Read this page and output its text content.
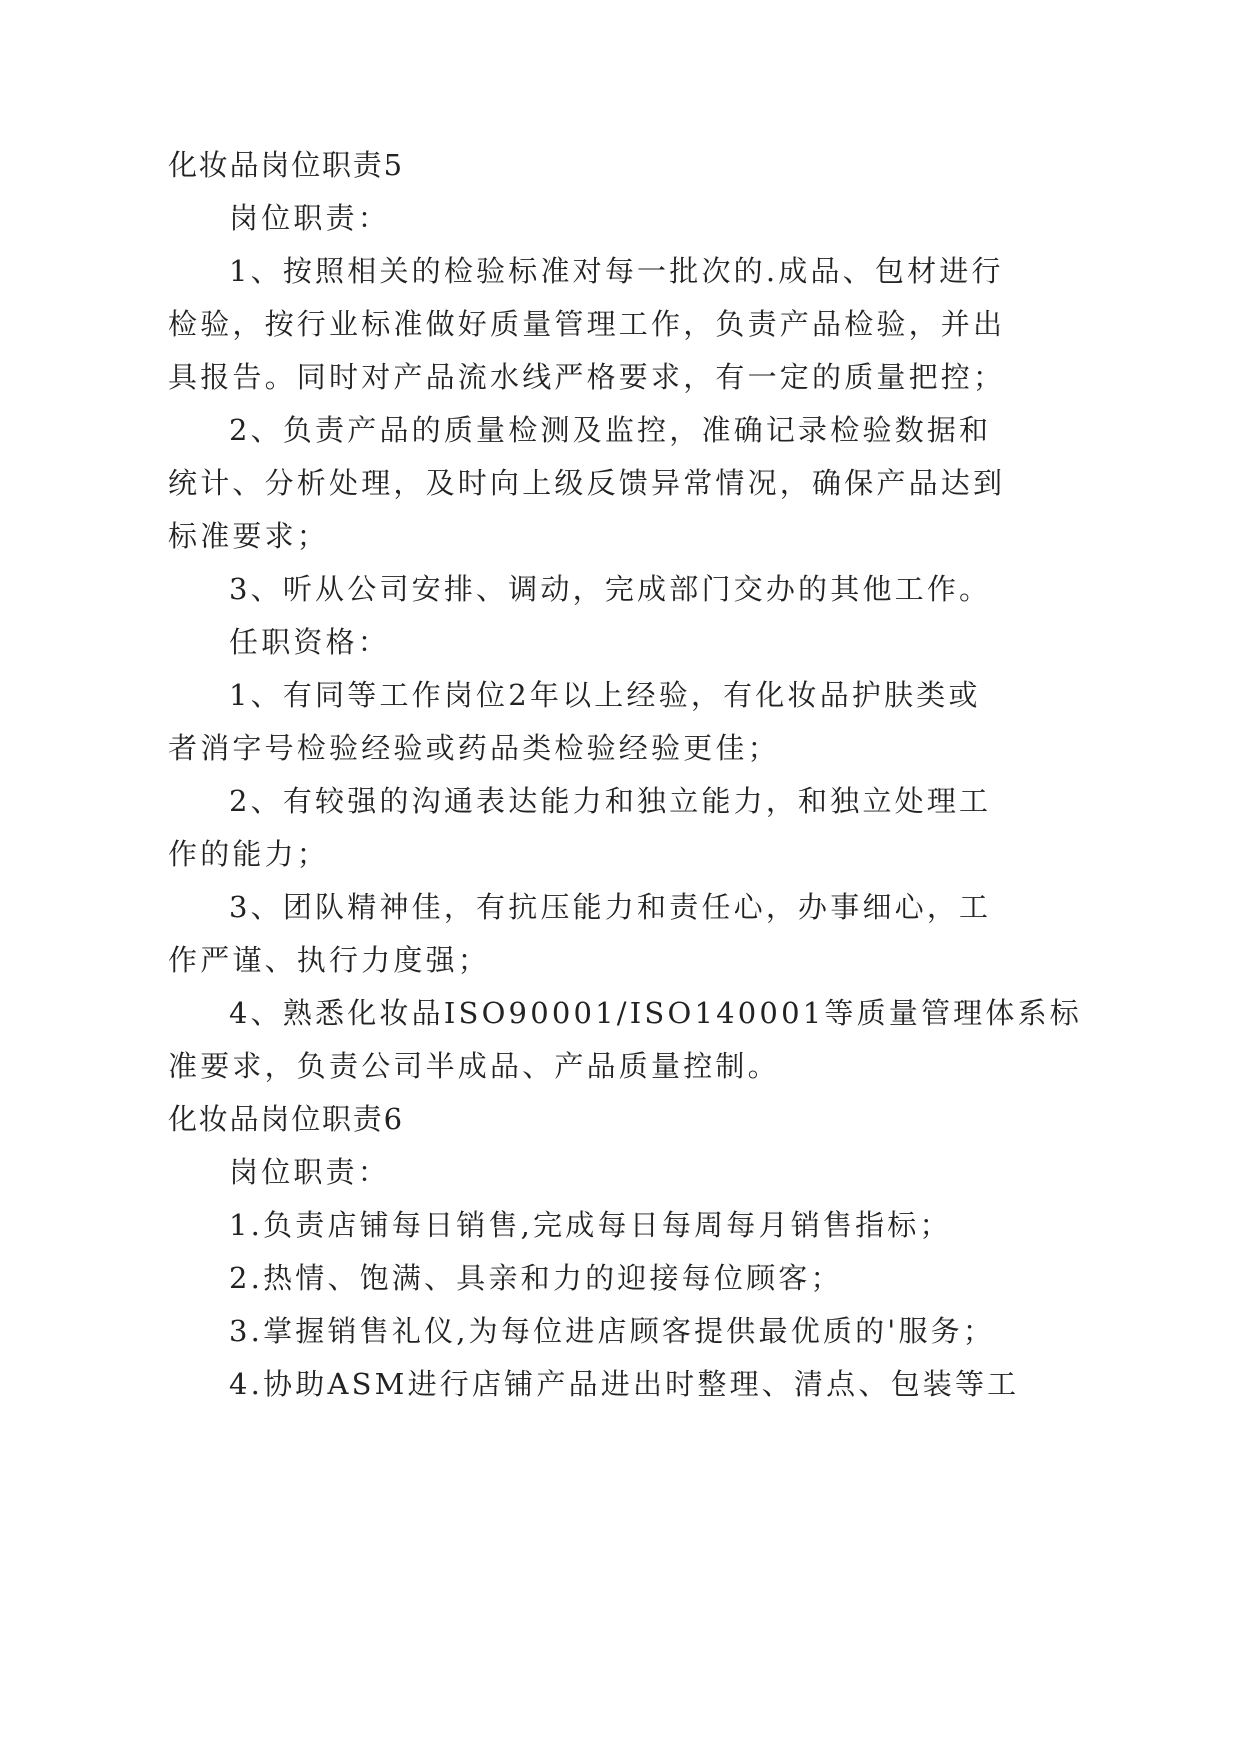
化妆品岗位职责5
岗位职责：
1、按照相关的检验标准对每一批次的.成品、包材进行
检验，按行业标准做好质量管理工作，负责产品检验，并出
具报告。同时对产品流水线严格要求，有一定的质量把控；
2、负责产品的质量检测及监控，准确记录检验数据和
统计、分析处理，及时向上级反馈异常情况，确保产品达到
标准要求；
3、听从公司安排、调动，完成部门交办的其他工作。
任职资格：
1、有同等工作岗位2年以上经验，有化妆品护肤类或
者消字号检验经验或药品类检验经验更佳；
2、有较强的沟通表达能力和独立能力，和独立处理工
作的能力；
3、团队精神佳，有抗压能力和责任心，办事细心，工
作严谨、执行力度强；
4、熟悉化妆品ISO90001/ISO140001等质量管理体系标
准要求，负责公司半成品、产品质量控制。
化妆品岗位职责6
岗位职责：
1.负责店铺每日销售,完成每日每周每月销售指标；
2.热情、饱满、具亲和力的迎接每位顾客；
3.掌握销售礼仪,为每位进店顾客提供最优质的'服务；
4.协助ASM进行店铺产品进出时整理、清点、包装等工
